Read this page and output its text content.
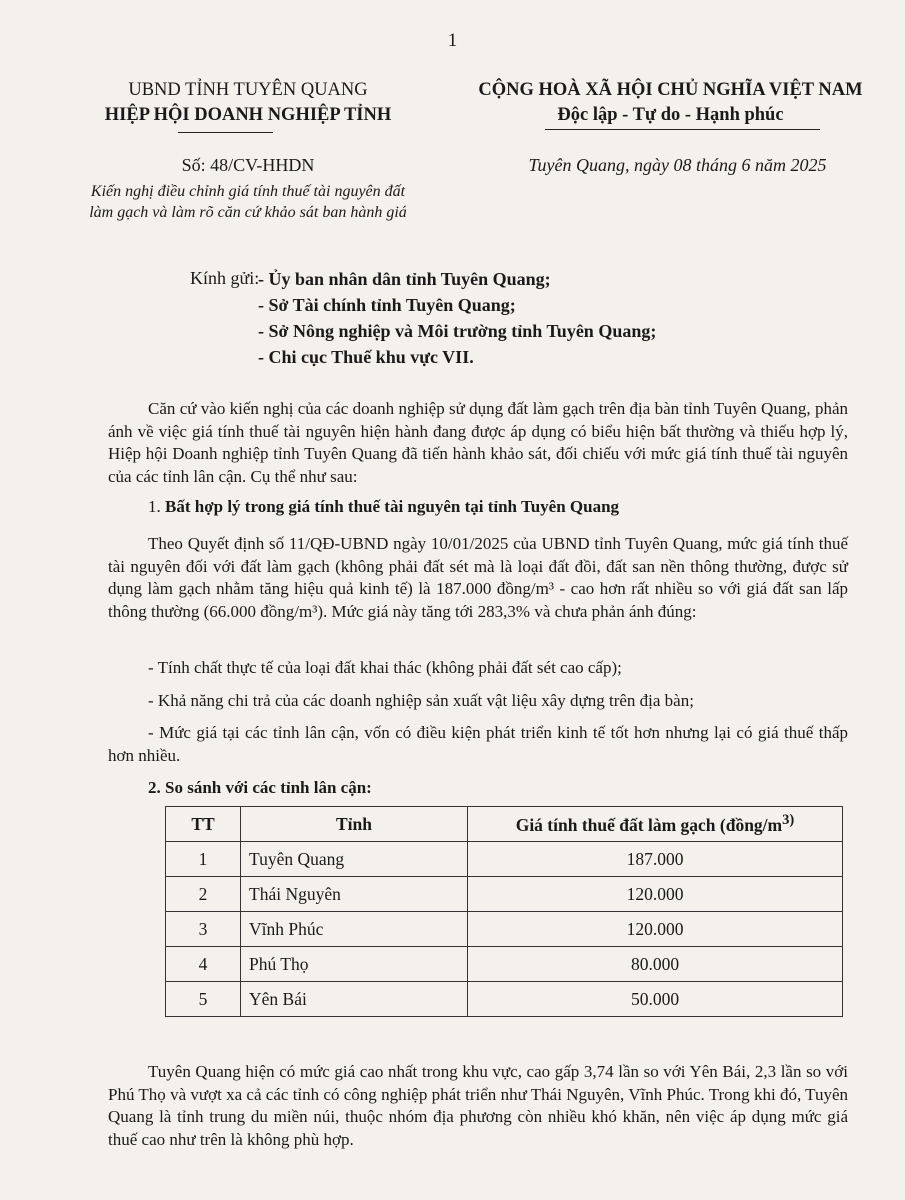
1
UBND TỈNH TUYÊN QUANG
HIỆP HỘI DOANH NGHIỆP TỈNH
CỘNG HOÀ XÃ HỘI CHỦ NGHĨA VIỆT NAM
Độc lập - Tự do - Hạnh phúc
Số: 48/CV-HHDN
Kiến nghị điều chỉnh giá tính thuế tài nguyên đất
làm gạch và làm rõ căn cứ khảo sát ban hành giá
Tuyên Quang, ngày 08 tháng 6 năm 2025
Kính gửi:
- Ủy ban nhân dân tỉnh Tuyên Quang;
- Sở Tài chính tỉnh Tuyên Quang;
- Sở Nông nghiệp và Môi trường tỉnh Tuyên Quang;
- Chi cục Thuế khu vực VII.
Căn cứ vào kiến nghị của các doanh nghiệp sử dụng đất làm gạch trên địa bàn tỉnh Tuyên Quang, phản ánh về việc giá tính thuế tài nguyên hiện hành đang được áp dụng có biểu hiện bất thường và thiếu hợp lý, Hiệp hội Doanh nghiệp tỉnh Tuyên Quang đã tiến hành khảo sát, đối chiếu với mức giá tính thuế tài nguyên của các tỉnh lân cận. Cụ thể như sau:
1. Bất hợp lý trong giá tính thuế tài nguyên tại tỉnh Tuyên Quang
Theo Quyết định số 11/QĐ-UBND ngày 10/01/2025 của UBND tỉnh Tuyên Quang, mức giá tính thuế tài nguyên đối với đất làm gạch (không phải đất sét mà là loại đất đồi, đất san nền thông thường, được sử dụng làm gạch nhằm tăng hiệu quả kinh tế) là 187.000 đồng/m³ - cao hơn rất nhiều so với giá đất san lấp thông thường (66.000 đồng/m³). Mức giá này tăng tới 283,3% và chưa phản ánh đúng:
- Tính chất thực tế của loại đất khai thác (không phải đất sét cao cấp);
- Khả năng chi trả của các doanh nghiệp sản xuất vật liệu xây dựng trên địa bàn;
- Mức giá tại các tỉnh lân cận, vốn có điều kiện phát triển kinh tế tốt hơn nhưng lại có giá thuế thấp hơn nhiều.
2. So sánh với các tỉnh lân cận:
TT	Tỉnh	Giá tính thuế đất làm gạch ($đồng/m^{3)}$
1	Tuyên Quang	187.000
2	Thái Nguyên	120.000
3	Vĩnh Phúc	120.000
4	Phú Thọ	80.000
5	Yên Bái	50.000
Tuyên Quang hiện có mức giá cao nhất trong khu vực, cao gấp 3,74 lần so với Yên Bái, 2,3 lần so với Phú Thọ và vượt xa cả các tỉnh có công nghiệp phát triển như Thái Nguyên, Vĩnh Phúc. Trong khi đó, Tuyên Quang là tỉnh trung du miền núi, thuộc nhóm địa phương còn nhiều khó khăn, nên việc áp dụng mức giá thuế cao như trên là không phù hợp.
